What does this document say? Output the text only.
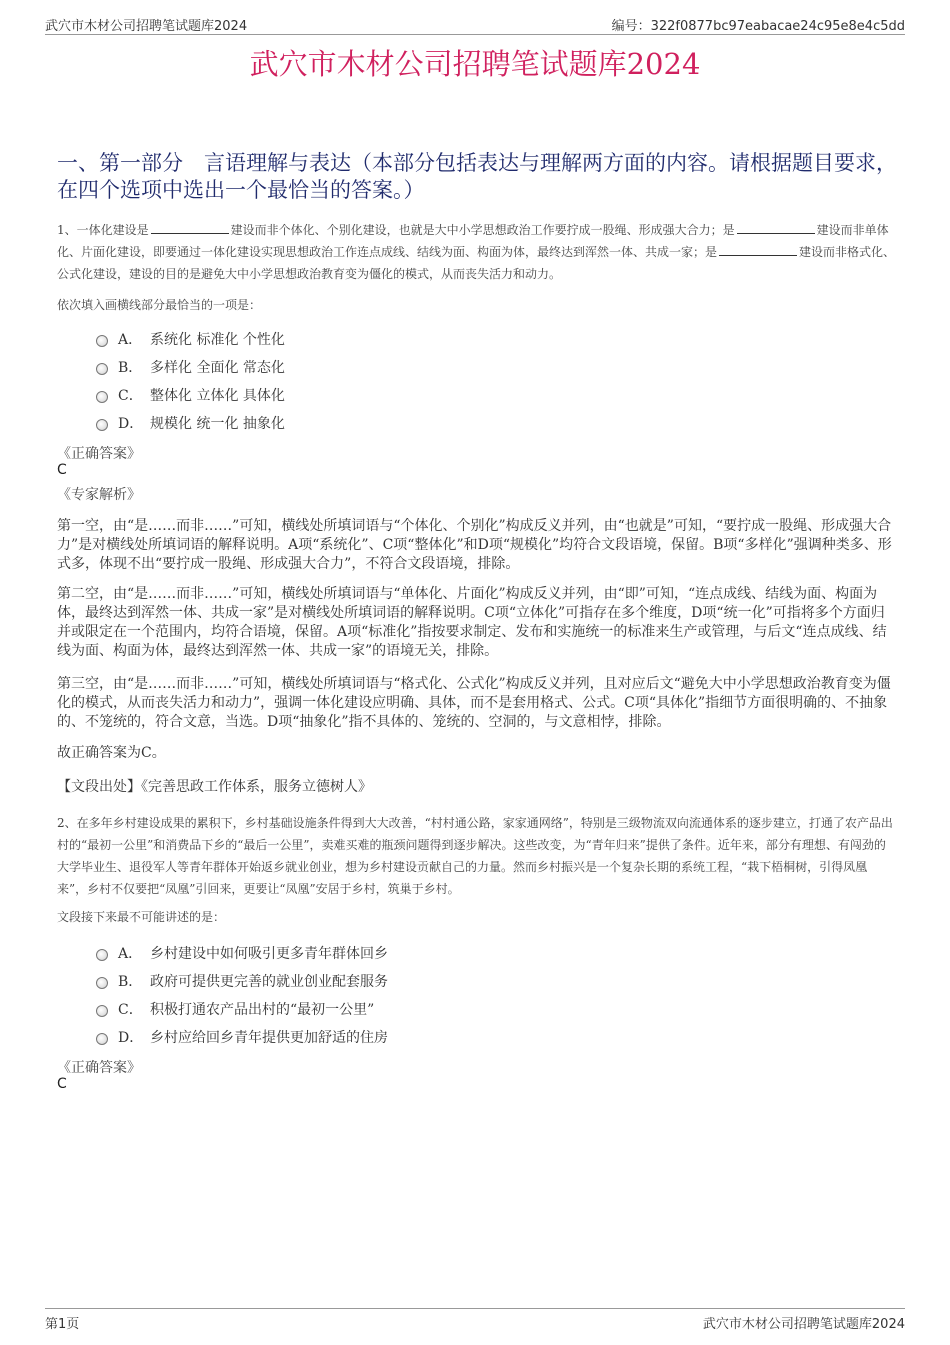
武穴市木材公司招聘笔试题库2024	编号：322f0877bc97eabacae24c95e8e4c5dd
武穴市木材公司招聘笔试题库2024
一、第一部分　言语理解与表达（本部分包括表达与理解两方面的内容。请根据题目要求，在四个选项中选出一个最恰当的答案。）
1、一体化建设是	建设而非个体化、个别化建设，也就是大中小学思想政治工作要拧成一股绳、形成强大合力；是	建设而非单体化、片面化建设，即要通过一体化建设实现思想政治工作连点成线、结线为面、构面为体，最终达到浑然一体、共成一家；是	建设而非格式化、公式化建设，建设的目的是避免大中小学思想政治教育变为僵化的模式，从而丧失活力和动力。
依次填入画横线部分最恰当的一项是：
A． 系统化 标准化 个性化
B． 多样化 全面化 常态化
C． 整体化 立体化 具体化
D． 规模化 统一化 抽象化
《正确答案》
C
《专家解析》

第一空，由“是……而非……”可知，横线处所填词语与“个体化、个别化”构成反义并列，由“也就是”可知，“要拧成一股绳、形成强大合力”是对横线处所填词语的解释说明。A项“系统化”、C项“整体化”和D项“规模化”均符合文段语境，保留。B项“多样化”强调种类多、形式多，体现不出“要拧成一股绳、形成强大合力”，不符合文段语境，排除。

第二空，由“是……而非……”可知，横线处所填词语与“单体化、片面化”构成反义并列，由“即”可知，“连点成线、结线为面、构面为体，最终达到浑然一体、共成一家”是对横线处所填词语的解释说明。C项“立体化”可指存在多个维度，D项“统一化”可指将多个方面归并或限定在一个范围内，均符合语境，保留。A项“标准化”指按要求制定、发布和实施统一的标准来生产或管理，与后文“连点成线、结线为面、构面为体，最终达到浑然一体、共成一家”的语境无关，排除。

第三空，由“是……而非……”可知，横线处所填词语与“格式化、公式化”构成反义并列，且对应后文“避免大中小学思想政治教育变为僵化的模式，从而丧失活力和动力”，强调一体化建设应明确、具体，而不是套用格式、公式。C项“具体化”指细节方面很明确的、不抽象的、不笼统的，符合文意，当选。D项“抽象化”指不具体的、笼统的、空洞的，与文意相悖，排除。

故正确答案为C。

【文段出处】《完善思政工作体系，服务立德树人》

2、在多年乡村建设成果的累积下，乡村基础设施条件得到大大改善，“村村通公路，家家通网络”，特别是三级物流双向流通体系的逐步建立，打通了农产品出村的“最初一公里”和消费品下乡的“最后一公里”，卖难买难的瓶颈问题得到逐步解决。这些改变，为“青年归来”提供了条件。近年来，部分有理想、有闯劲的大学毕业生、退役军人等青年群体开始返乡就业创业，想为乡村建设贡献自己的力量。然而乡村振兴是一个复杂长期的系统工程，“栽下梧桐树，引得凤凰来”，乡村不仅要把“凤凰”引回来，更要让“凤凰”安居于乡村，筑巢于乡村。
文段接下来最不可能讲述的是：
A． 乡村建设中如何吸引更多青年群体回乡
B． 政府可提供更完善的就业创业配套服务
C． 积极打通农产品出村的“最初一公里”
D． 乡村应给回乡青年提供更加舒适的住房
《正确答案》
C
第1页	武穴市木材公司招聘笔试题库2024
